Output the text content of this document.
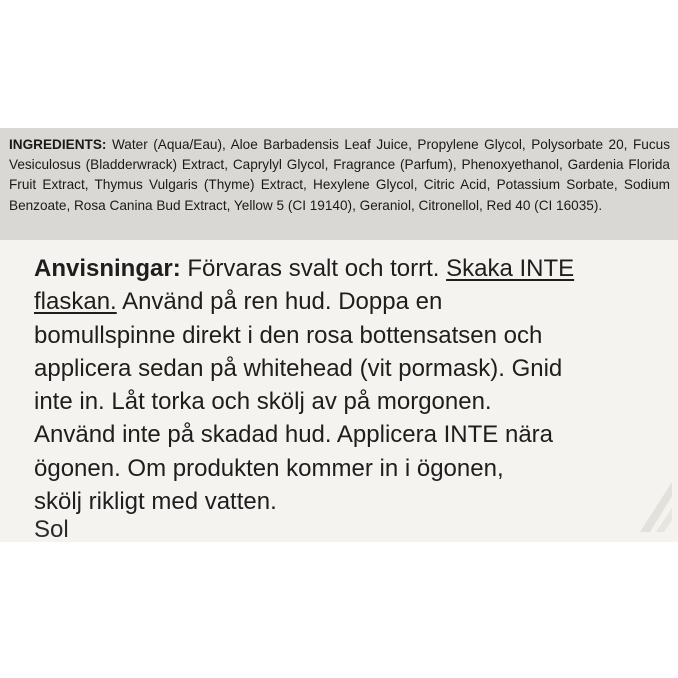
INGREDIENTS: Water (Aqua/Eau), Aloe Barbadensis Leaf Juice, Propylene Glycol, Polysorbate 20, Fucus Vesiculosus (Bladderwrack) Extract, Caprylyl Glycol, Fragrance (Parfum), Phenoxyethanol, Gardenia Florida Fruit Extract, Thymus Vulgaris (Thyme) Extract, Hexylene Glycol, Citric Acid, Potassium Sorbate, Sodium Benzoate, Rosa Canina Bud Extract, Yellow 5 (CI 19140), Geraniol, Citronellol, Red 40 (CI 16035).
Anvisningar: Förvaras svalt och torrt. Skaka INTE
flaskan. Använd på ren hud. Doppa en
bomullspinne direkt i den rosa bottensatsen och
applicera sedan på whitehead (vit pormask). Gnid
inte in. Låt torka och skölj av på morgonen.
Använd inte på skadad hud. Applicera INTE nära
ögonen. Om produkten kommer in i ögonen,
skölj rikligt med vatten.
Sol
